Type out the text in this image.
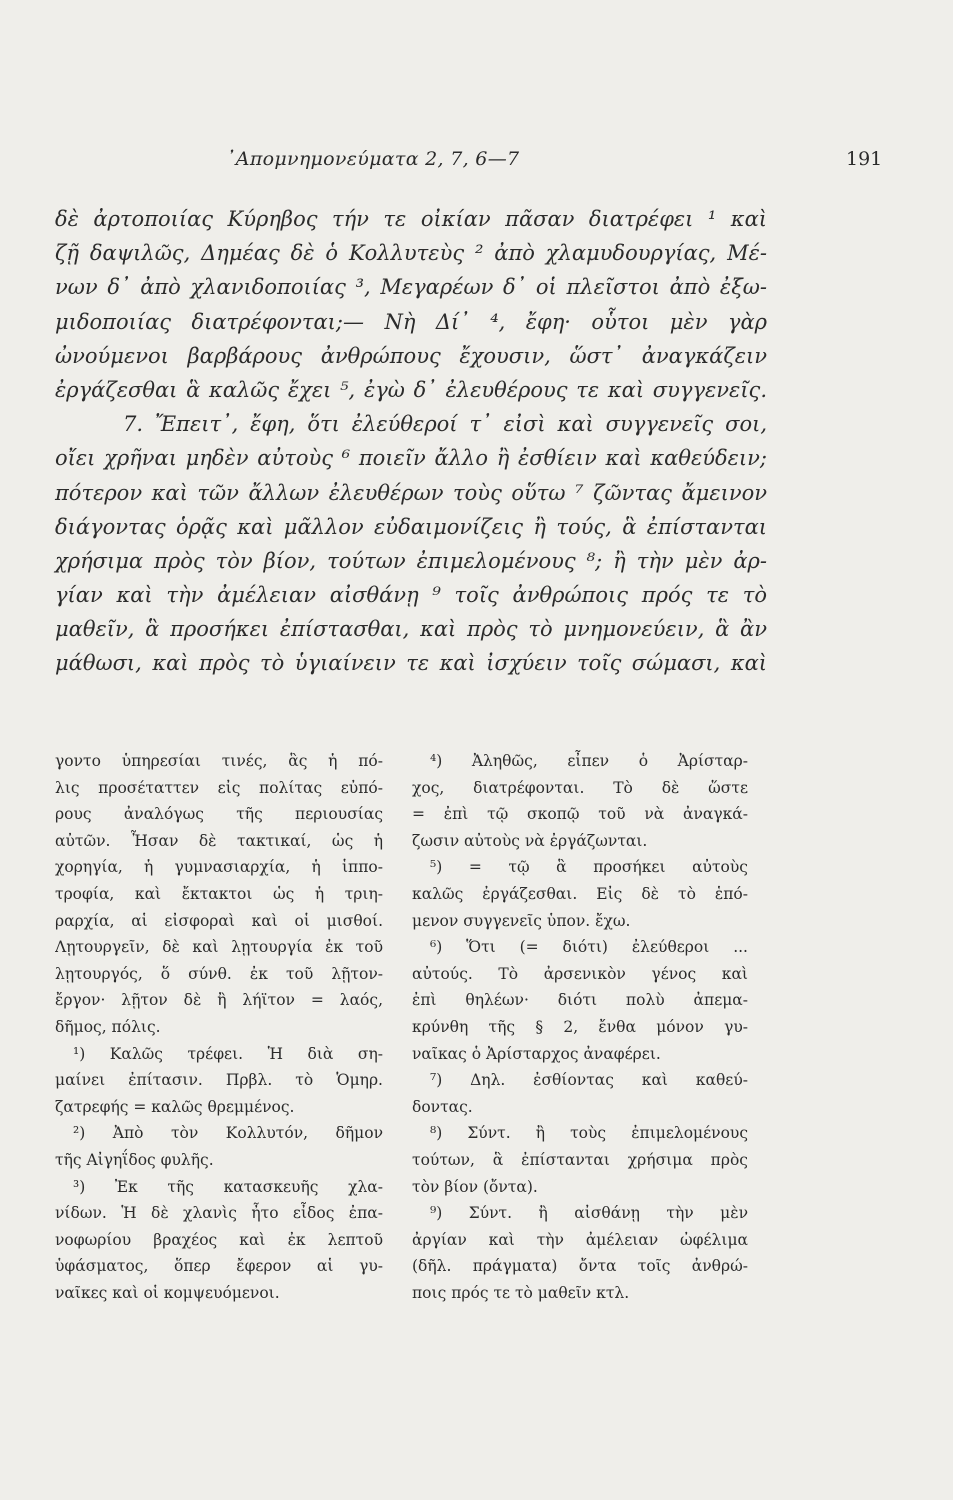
᾿Απομνημονεύματα 2, 7, 6—7	191
δὲ ἀρτοποιίας Κύρηβος τήν τε οἰκίαν πᾶσαν διατρέφει ¹ καὶ
ζῇ δαψιλῶς, Δημέας δὲ ὁ Κολλυτεὺς ² ἀπὸ χλαμυδουργίας, Μέ-
νων δ᾿ ἀπὸ χλανιδοποιίας ³, Μεγαρέων δ᾿ οἱ πλεῖστοι ἀπὸ ἐξω-
μιδοποιίας διατρέφονται;— Νὴ Δί᾿ ⁴, ἔφη· οὗτοι μὲν γὰρ
ὠνούμενοι βαρβάρους ἀνθρώπους ἔχουσιν, ὥστ᾿ ἀναγκάζειν
ἐργάζεσθαι ἃ καλῶς ἔχει ⁵, ἐγὼ δ᾿ ἐλευθέρους τε καὶ συγγενεῖς.
7. Ἔπειτ᾿, ἔφη, ὅτι ἐλεύθεροί τ᾿ εἰσὶ καὶ συγγενεῖς σοι,
οἴει χρῆναι μηδὲν αὐτοὺς ⁶ ποιεῖν ἄλλο ἢ ἐσθίειν καὶ καθεύδειν;
πότερον καὶ τῶν ἄλλων ἐλευθέρων τοὺς οὕτω ⁷ ζῶντας ἄμεινον
διάγοντας ὁρᾷς καὶ μᾶλλον εὐδαιμονίζεις ἢ τούς, ἃ ἐπίστανται
χρήσιμα πρὸς τὸν βίον, τούτων ἐπιμελομένους ⁸; ἢ τὴν μὲν ἀρ-
γίαν καὶ τὴν ἀμέλειαν αἰσθάνῃ ⁹ τοῖς ἀνθρώποις πρός τε τὸ
μαθεῖν, ἃ προσήκει ἐπίστασθαι, καὶ πρὸς τὸ μνημονεύειν, ἃ ἂν
μάθωσι, καὶ πρὸς τὸ ὑγιαίνειν τε καὶ ἰσχύειν τοῖς σώμασι, καὶ
γοντο ὑπηρεσίαι τινές, ἃς ἡ πό-
λις προσέταττεν εἰς πολίτας εὐπό-
ρους ἀναλόγως τῆς περιουσίας
αὐτῶν. Ἦσαν δὲ τακτικαί, ὡς ἡ
χορηγία, ἡ γυμνασιαρχία, ἡ ἱππο-
τροφία, καὶ ἔκτακτοι ὡς ἡ τριη-
ραρχία, αἱ εἰσφοραὶ καὶ οἱ μισθοί.
Λῃτουργεῖν, δὲ καὶ λῃτουργία ἐκ τοῦ
λῃτουργός, ὅ σύνθ. ἐκ τοῦ λῇτον-
ἔργον· λῇτον δὲ ἢ λήϊτον = λαός,
δῆμος, πόλις.
¹) Καλῶς τρέφει. Ἡ διὰ ση-
μαίνει ἐπίτασιν. Πρβλ. τὸ Ὁμηρ.
ζατρεφής = καλῶς θρεμμένος.
²) Ἀπὸ τὸν Κολλυτόν, δῆμον
τῆς Αἰγηΐδος φυλῆς.
³) Ἐκ τῆς κατασκευῆς χλα-
νίδων. Ἡ δὲ χλανὶς ἦτο εἶδος ἐπα-
νοφωρίου βραχέος καὶ ἐκ λεπτοῦ
ὑφάσματος, ὅπερ ἔφερον αἱ γυ-
ναῖκες καὶ οἱ κομψευόμενοι.
⁴) Ἀληθῶς, εἶπεν ὁ Ἀρίσταρ-
χος, διατρέφονται. Τὸ δὲ ὥστε
= ἐπὶ τῷ σκοπῷ τοῦ νὰ ἀναγκά-
ζωσιν αὐτοὺς νὰ ἐργάζωνται.
⁵) = τῷ ἃ προσήκει αὐτοὺς
καλῶς ἐργάζεσθαι. Εἰς δὲ τὸ ἑπό-
μενον συγγενεῖς ὑπον. ἔχω.
⁶) Ὅτι (= διότι) ἐλεύθεροι ...
αὐτούς. Τὸ ἀρσενικὸν γένος καὶ
ἐπὶ θηλέων· διότι πολὺ ἀπεμα-
κρύνθη τῆς § 2, ἔνθα μόνον γυ-
ναῖκας ὁ Ἀρίσταρχος ἀναφέρει.
⁷) Δηλ. ἐσθίοντας καὶ καθεύ-
δοντας.
⁸) Σύντ. ἢ τοὺς ἐπιμελομένους
τούτων, ἃ ἐπίστανται χρήσιμα πρὸς
τὸν βίον (ὄντα).
⁹) Σύντ. ἢ αἰσθάνῃ τὴν μὲν
ἀργίαν καὶ τὴν ἀμέλειαν ὠφέλιμα
(δῆλ. πράγματα) ὄντα τοῖς ἀνθρώ-
ποις πρός τε τὸ μαθεῖν κτλ.
